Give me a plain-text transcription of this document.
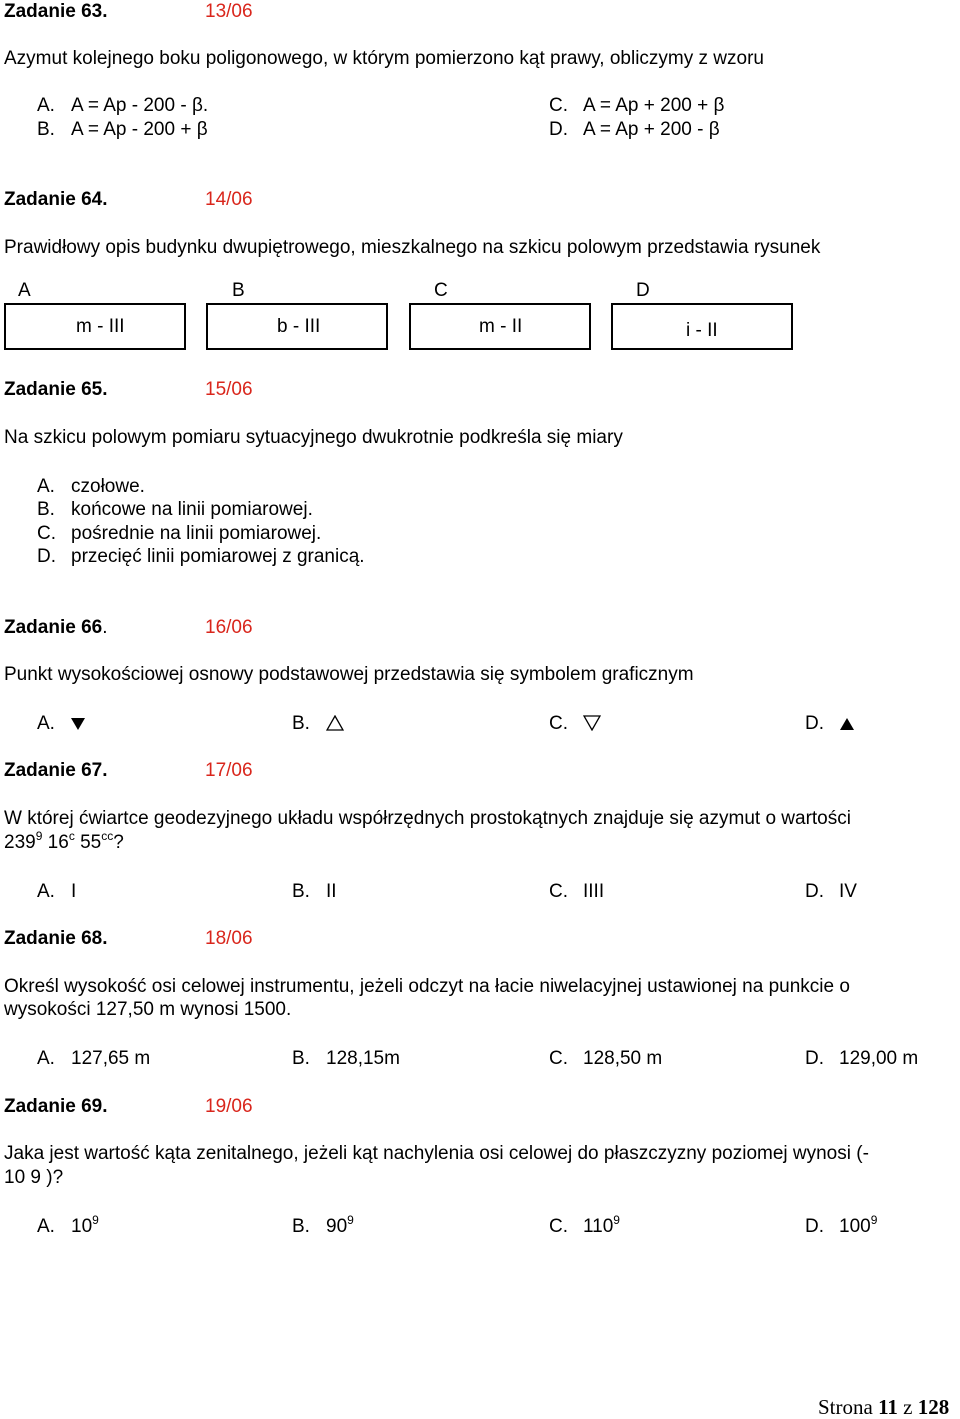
Zadanie 63.	13/06
Azymut kolejnego boku poligonowego, w którym pomierzono kąt prawy, obliczymy z wzoru
A. A = Ap - 200 - β.
B. A = Ap - 200 + β
C. A = Ap + 200 + β
D. A = Ap + 200 - β
Zadanie 64.	14/06
Prawidłowy opis budynku dwupiętrowego, mieszkalnego na szkicu polowym przedstawia rysunek
A	B	C	D
m - III	b - III	m - II	i - II
Zadanie 65.	15/06
Na szkicu polowym pomiaru sytuacyjnego dwukrotnie podkreśla się miary
A. czołowe.
B. końcowe na linii pomiarowej.
C. pośrednie na linii pomiarowej.
D. przecięć linii pomiarowej z granicą.
Zadanie 66.	16/06
Punkt wysokościowej osnowy podstawowej przedstawia się symbolem graficznym
A.	B.	C.	D.
Zadanie 67.	17/06
W której ćwiartce geodezyjnego układu współrzędnych prostokątnych znajduje się azymut o wartości
$239^9$ 16$^c$ $55^{cc}$?
A. I	B. II	C. IIII	D. IV
Zadanie 68.	18/06
Określ wysokość osi celowej instrumentu, jeżeli odczyt na łacie niwelacyjnej ustawionej na punkcie o
wysokości 127,50 m wynosi 1500.
A. 127,65 m	B. 128,15m	C. 128,50 m	D. 129,00 m
Zadanie 69.	19/06
Jaka jest wartość kąta zenitalnego, jeżeli kąt nachylenia osi celowej do płaszczyzny poziomej wynosi (-
10 9 )?
A. $10^9$	B. $90^9$	C. $110^9$	D. $100^9$
Strona 11 z 128
